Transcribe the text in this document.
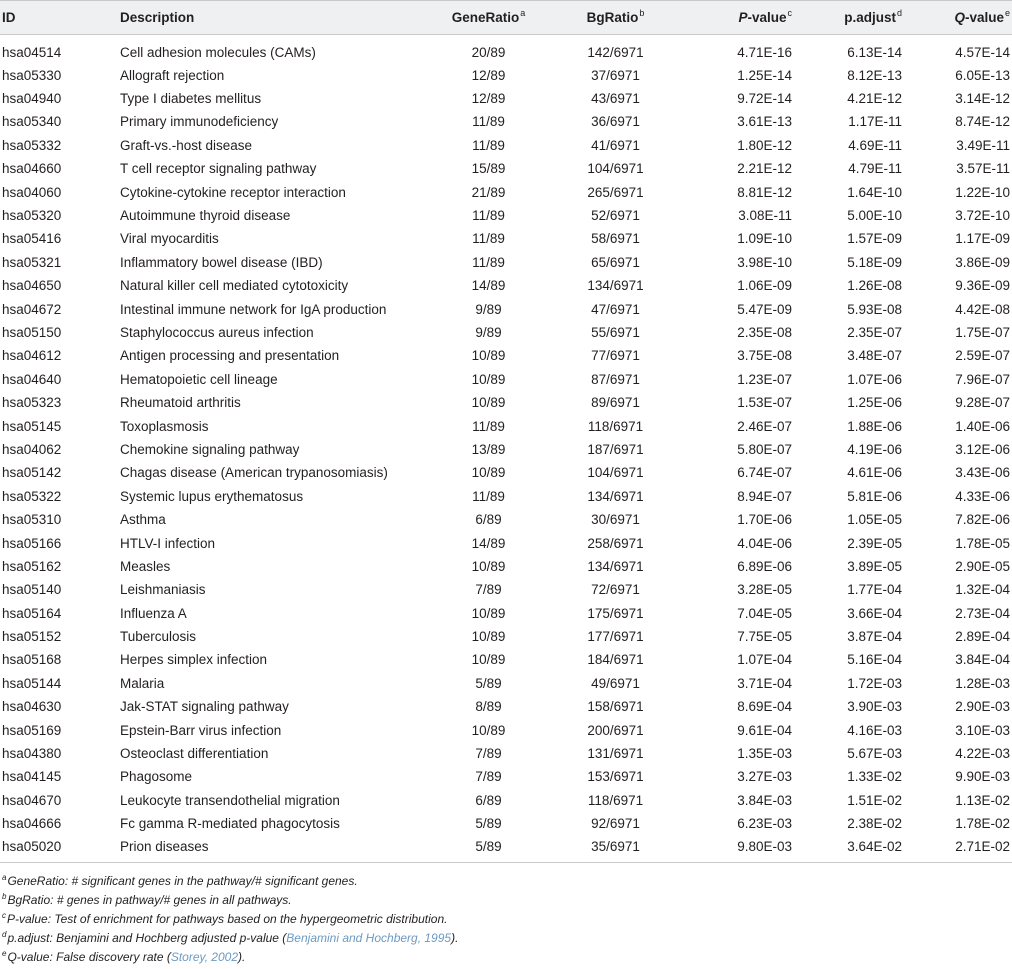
ID	Description	GeneRatio$^a$	BgRatio$^b$	P-value$^c$	p.adjust$^d$	Q-value$^e$
hsa04514	Cell adhesion molecules (CAMs)	20/89	142/6971	4.71E-16	6.13E-14	4.57E-14
hsa05330	Allograft rejection	12/89	37/6971	1.25E-14	8.12E-13	6.05E-13
hsa04940	Type I diabetes mellitus	12/89	43/6971	9.72E-14	4.21E-12	3.14E-12
hsa05340	Primary immunodeficiency	11/89	36/6971	3.61E-13	1.17E-11	8.74E-12
hsa05332	Graft-vs.-host disease	11/89	41/6971	1.80E-12	4.69E-11	3.49E-11
hsa04660	T cell receptor signaling pathway	15/89	104/6971	2.21E-12	4.79E-11	3.57E-11
hsa04060	Cytokine-cytokine receptor interaction	21/89	265/6971	8.81E-12	1.64E-10	1.22E-10
hsa05320	Autoimmune thyroid disease	11/89	52/6971	3.08E-11	5.00E-10	3.72E-10
hsa05416	Viral myocarditis	11/89	58/6971	1.09E-10	1.57E-09	1.17E-09
hsa05321	Inflammatory bowel disease (IBD)	11/89	65/6971	3.98E-10	5.18E-09	3.86E-09
hsa04650	Natural killer cell mediated cytotoxicity	14/89	134/6971	1.06E-09	1.26E-08	9.36E-09
hsa04672	Intestinal immune network for IgA production	9/89	47/6971	5.47E-09	5.93E-08	4.42E-08
hsa05150	Staphylococcus aureus infection	9/89	55/6971	2.35E-08	2.35E-07	1.75E-07
hsa04612	Antigen processing and presentation	10/89	77/6971	3.75E-08	3.48E-07	2.59E-07
hsa04640	Hematopoietic cell lineage	10/89	87/6971	1.23E-07	1.07E-06	7.96E-07
hsa05323	Rheumatoid arthritis	10/89	89/6971	1.53E-07	1.25E-06	9.28E-07
hsa05145	Toxoplasmosis	11/89	118/6971	2.46E-07	1.88E-06	1.40E-06
hsa04062	Chemokine signaling pathway	13/89	187/6971	5.80E-07	4.19E-06	3.12E-06
hsa05142	Chagas disease (American trypanosomiasis)	10/89	104/6971	6.74E-07	4.61E-06	3.43E-06
hsa05322	Systemic lupus erythematosus	11/89	134/6971	8.94E-07	5.81E-06	4.33E-06
hsa05310	Asthma	6/89	30/6971	1.70E-06	1.05E-05	7.82E-06
hsa05166	HTLV-I infection	14/89	258/6971	4.04E-06	2.39E-05	1.78E-05
hsa05162	Measles	10/89	134/6971	6.89E-06	3.89E-05	2.90E-05
hsa05140	Leishmaniasis	7/89	72/6971	3.28E-05	1.77E-04	1.32E-04
hsa05164	Influenza A	10/89	175/6971	7.04E-05	3.66E-04	2.73E-04
hsa05152	Tuberculosis	10/89	177/6971	7.75E-05	3.87E-04	2.89E-04
hsa05168	Herpes simplex infection	10/89	184/6971	1.07E-04	5.16E-04	3.84E-04
hsa05144	Malaria	5/89	49/6971	3.71E-04	1.72E-03	1.28E-03
hsa04630	Jak-STAT signaling pathway	8/89	158/6971	8.69E-04	3.90E-03	2.90E-03
hsa05169	Epstein-Barr virus infection	10/89	200/6971	9.61E-04	4.16E-03	3.10E-03
hsa04380	Osteoclast differentiation	7/89	131/6971	1.35E-03	5.67E-03	4.22E-03
hsa04145	Phagosome	7/89	153/6971	3.27E-03	1.33E-02	9.90E-03
hsa04670	Leukocyte transendothelial migration	6/89	118/6971	3.84E-03	1.51E-02	1.13E-02
hsa04666	Fc gamma R-mediated phagocytosis	5/89	92/6971	6.23E-03	2.38E-02	1.78E-02
hsa05020	Prion diseases	5/89	35/6971	9.80E-03	3.64E-02	2.71E-02
$^a$GeneRatio: # significant genes in the pathway/# significant genes.
$^b$BgRatio: # genes in pathway/# genes in all pathways.
$^c$P-value: Test of enrichment for pathways based on the hypergeometric distribution.
$^d$p.adjust: Benjamini and Hochberg adjusted p-value (Benjamini and Hochberg, 1995).
$^e$Q-value: False discovery rate (Storey, 2002).
